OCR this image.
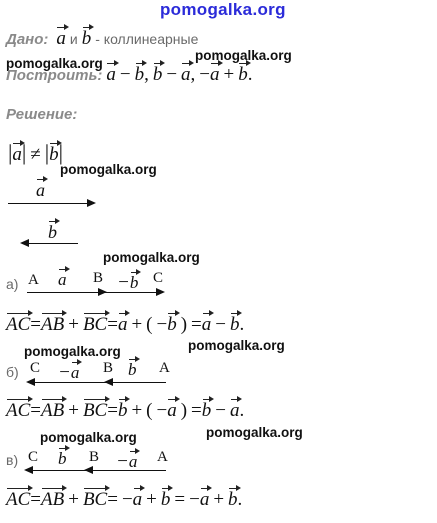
pomogalka.org
Дано: a и b - коллинеарные
pomogalka.org
pomogalka.org
Построить: a − b, b − a, −a + b.
Решение:
|a| ≠ |b|
pomogalka.org
a
b
pomogalka.org
а) A a B −b C
AC=AB + BC=a + ( −b ) =a − b.
pomogalka.org
pomogalka.org
б) C −a B b A
AC=AB + BC=b + ( −a ) =b − a.
pomogalka.org
pomogalka.org
в) C b B −a A
AC=AB + BC= −a + b = −a + b.
